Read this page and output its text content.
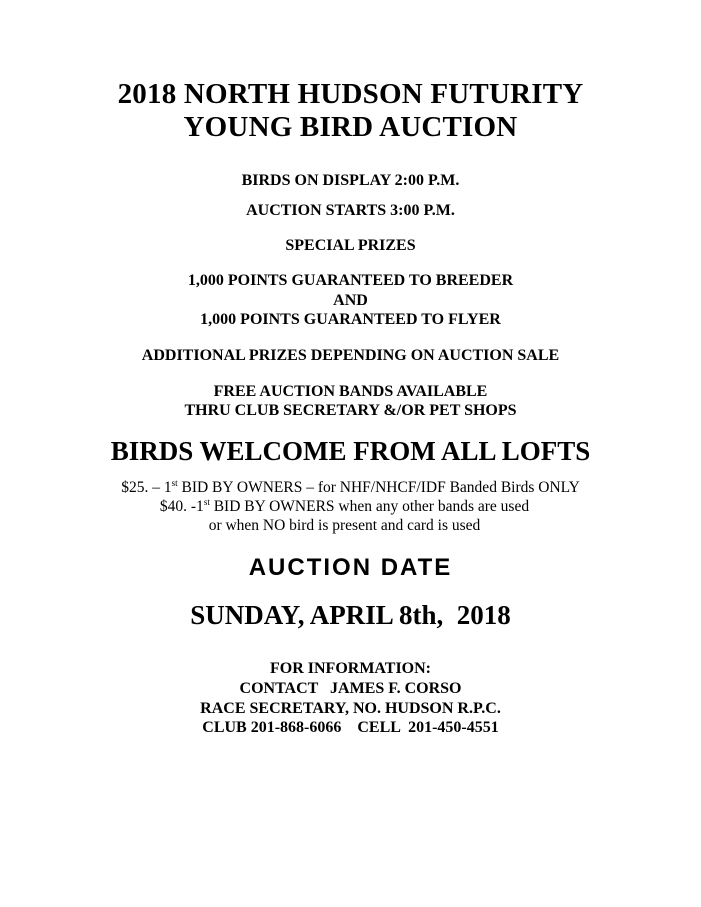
2018 NORTH HUDSON FUTURITY
YOUNG BIRD AUCTION
BIRDS ON DISPLAY 2:00 P.M.
AUCTION STARTS 3:00 P.M.
SPECIAL PRIZES
1,000 POINTS GUARANTEED TO BREEDER
AND
1,000 POINTS GUARANTEED TO FLYER
ADDITIONAL PRIZES DEPENDING ON AUCTION SALE
FREE AUCTION BANDS AVAILABLE
THRU CLUB SECRETARY &/OR PET SHOPS
BIRDS WELCOME FROM ALL LOFTS
$25. – 1st BID BY OWNERS – for NHF/NHCF/IDF Banded Birds ONLY
$40. -1st BID BY OWNERS when any other bands are used
or when NO bird is present and card is used
AUCTION DATE
SUNDAY, APRIL 8th,  2018
FOR INFORMATION:
CONTACT   JAMES F. CORSO
RACE SECRETARY, NO. HUDSON R.P.C.
CLUB 201-868-6066    CELL  201-450-4551
